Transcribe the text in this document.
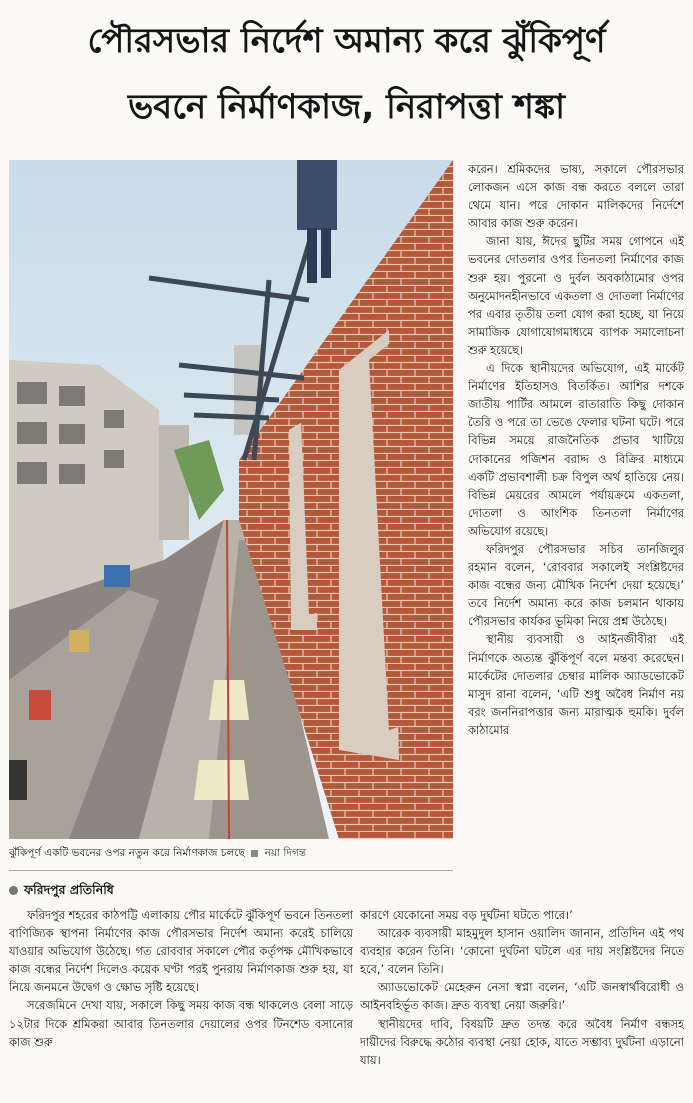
পৌরসভার নির্দেশ অমান্য করে ঝুঁকিপূর্ণ
ভবনে নির্মাণকাজ, নিরাপত্তা শঙ্কা
ঝুঁকিপূর্ণ একটি ভবনের ওপর নতুন করে নির্মাণকাজ চলছে নয়া দিগন্ত
ফরিদপুর প্রতিনিধি

ফরিদপুর শহরের কাঠপট্টি এলাকায় পৌর মার্কেটে ঝুঁকিপূর্ণ ভবনে তিনতলা বাণিজ্যিক স্থাপনা নির্মাণের কাজ পৌরসভার নির্দেশ অমান্য করেই চালিয়ে যাওয়ার অভিযোগ উঠেছে। গত রোববার সকালে পৌর কর্তৃপক্ষ মৌখিকভাবে কাজ বন্ধের নির্দেশ দিলেও কয়েক ঘণ্টা পরই পুনরায় নির্মাণকাজ শুরু হয়, যা নিয়ে জনমনে উদ্বেগ ও ক্ষোভ সৃষ্টি হয়েছে।

সরেজমিনে দেখা যায়, সকালে কিছু সময় কাজ বন্ধ থাকলেও বেলা সাড়ে ১২টার দিকে শ্রমিকরা আবার তিনতলার দেয়ালের ওপর টিনশেড বসানোর কাজ শুরু

করেন। শ্রমিকদের ভাষ্য, সকালে পৌরসভার লোকজন এসে কাজ বন্ধ করতে বললে তারা থেমে যান। পরে দোকান মালিকদের নির্দেশে আবার কাজ শুরু করেন।

জানা যায়, ঈদের ছুটির সময় গোপনে এই ভবনের দোতলার ওপর তিনতলা নির্মাণের কাজ শুরু হয়। পুরনো ও দুর্বল অবকাঠামোর ওপর অনুমোদনহীনভাবে একতলা ও দোতলা নির্মাণের পর এবার তৃতীয় তলা যোগ করা হচ্ছে, যা নিয়ে সামাজিক যোগাযোগমাধ্যমে ব্যাপক সমালোচনা শুরু হয়েছে।

এ দিকে স্থানীয়দের অভিযোগ, এই মার্কেট নির্মাণের ইতিহাসও বিতর্কিত। আশির দশকে জাতীয় পার্টির আমলে রাতারাতি কিছু দোকান তৈরি ও পরে তা ভেঙে ফেলার ঘটনা ঘটে। পরে বিভিন্ন সময়ে রাজনৈতিক প্রভাব খাটিয়ে দোকানের পজিশন বরাদ্দ ও বিক্রির মাধ্যমে একটি প্রভাবশালী চক্র বিপুল অর্থ হাতিয়ে নেয়। বিভিন্ন মেয়রের আমলে পর্যায়ক্রমে একতলা, দোতলা ও আংশিক তিনতলা নির্মাণের অভিযোগ রয়েছে।

ফরিদপুর পৌরসভার সচিব তানজিলুর রহমান বলেন, ‘রোববার সকালেই সংশ্লিষ্টদের কাজ বন্ধের জন্য মৌখিক নির্দেশ দেয়া হয়েছে।’ তবে নির্দেশ অমান্য করে কাজ চলমান থাকায় পৌরসভার কার্যকর ভূমিকা নিয়ে প্রশ্ন উঠেছে।

স্থানীয় ব্যবসায়ী ও আইনজীবীরা এই নির্মাণকে অত্যন্ত ঝুঁকিপূর্ণ বলে মন্তব্য করেছেন। মার্কেটের দোতলার চেম্বার মালিক অ্যাডভোকেট মাসুদ রানা বলেন, ‘এটি শুধু অবৈধ নির্মাণ নয় বরং জননিরাপত্তার জন্য মারাত্মক হুমকি। দুর্বল কাঠামোর

কারণে যেকোনো সময় বড় দুর্ঘটনা ঘটতে পারে।’

আরেক ব্যবসায়ী মাহমুদুল হাসান ওয়ালিদ জানান, প্রতিদিন এই পথ ব্যবহার করেন তিনি। ‘কোনো দুর্ঘটনা ঘটলে এর দায় সংশ্লিষ্টদের নিতে হবে,’ বলেন তিনি।

অ্যাডভোকেট মেহেরুন নেসা স্বপ্না বলেন, ‘এটি জনস্বার্থবিরোধী ও আইনবহির্ভূত কাজ। দ্রুত ব্যবস্থা নেয়া জরুরি।’

স্থানীয়দের দাবি, বিষয়টি দ্রুত তদন্ত করে অবৈধ নির্মাণ বন্ধসহ দায়ীদের বিরুদ্ধে কঠোর ব্যবস্থা নেয়া হোক, যাতে সম্ভাব্য দুর্ঘটনা এড়ানো যায়।
